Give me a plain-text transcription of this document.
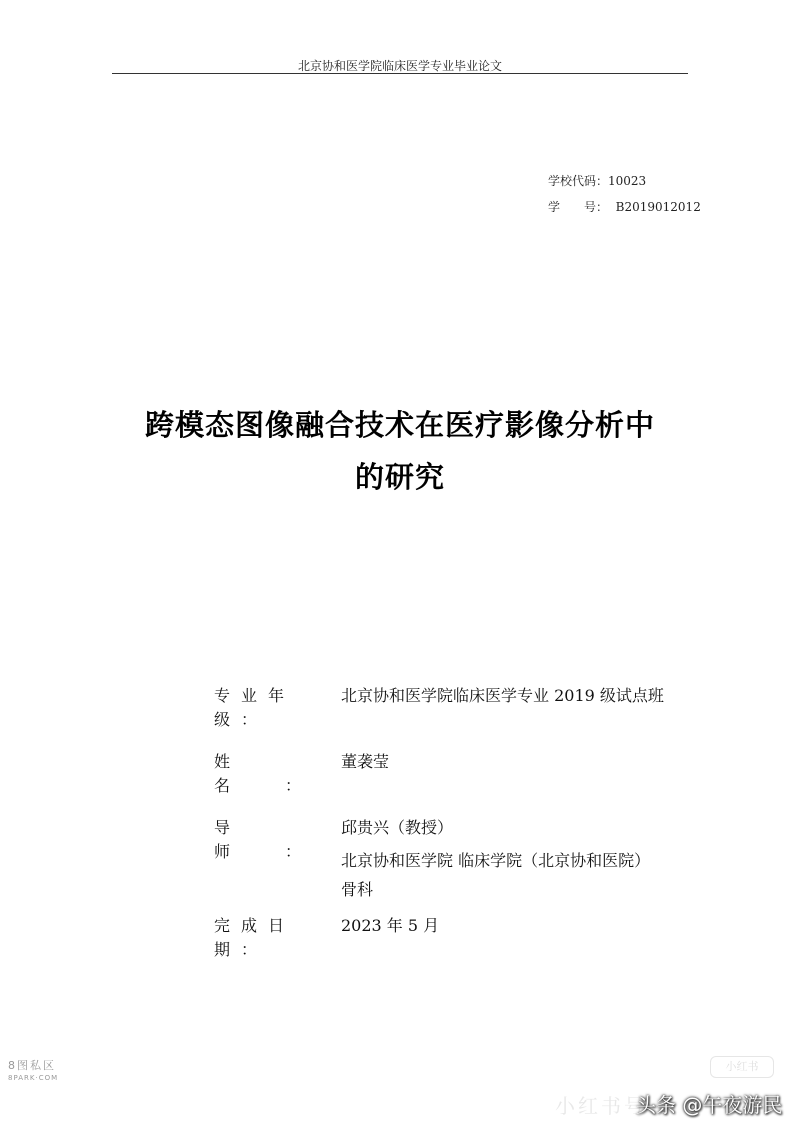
北京协和医学院临床医学专业毕业论文
学校代码：10023
学　　号： B2019012012
跨模态图像融合技术在医疗影像分析中
的研究
专业年级：
北京协和医学院临床医学专业 2019 级试点班
姓名：
董袭莹
导师：
邱贵兴（教授）
北京协和医学院 临床学院（北京协和医院）
骨科
完成日期：
2023 年 5 月
8图私区
8PARK·COM
小红书
小红书号
头条 @午夜游民
